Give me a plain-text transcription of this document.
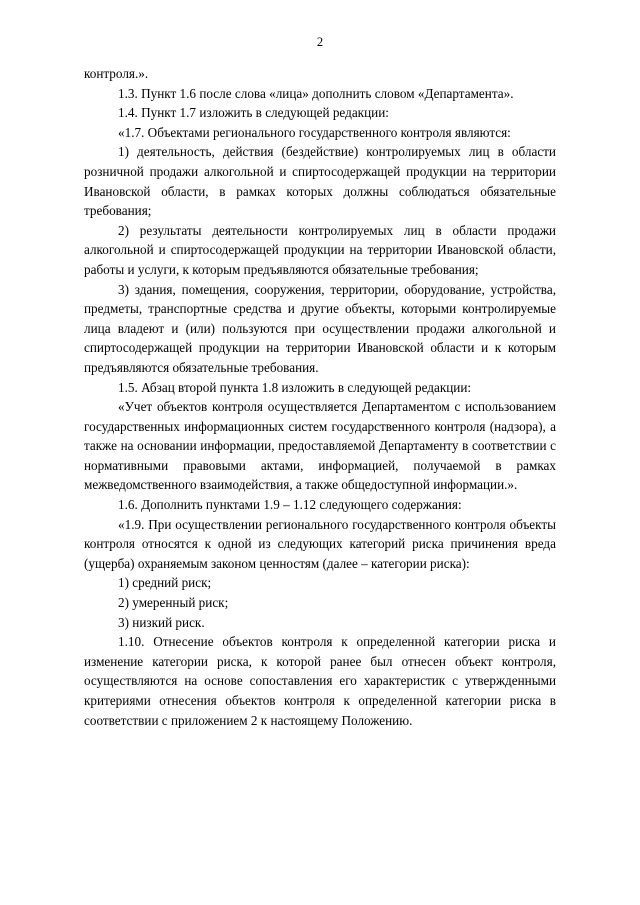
2

контроля.».

1.3. Пункт 1.6 после слова «лица» дополнить словом «Департамента».

1.4. Пункт 1.7 изложить в следующей редакции:

«1.7. Объектами регионального государственного контроля являются:

1) деятельность, действия (бездействие) контролируемых лиц в области розничной продажи алкогольной и спиртосодержащей продукции на территории Ивановской области, в рамках которых должны соблюдаться обязательные требования;

2) результаты деятельности контролируемых лиц в области продажи алкогольной и спиртосодержащей продукции на территории Ивановской области, работы и услуги, к которым предъявляются обязательные требования;

3) здания, помещения, сооружения, территории, оборудование, устройства, предметы, транспортные средства и другие объекты, которыми контролируемые лица владеют и (или) пользуются при осуществлении продажи алкогольной и спиртосодержащей продукции на территории Ивановской области и к которым предъявляются обязательные требования.

1.5. Абзац второй пункта 1.8 изложить в следующей редакции:

«Учет объектов контроля осуществляется Департаментом с использованием государственных информационных систем государственного контроля (надзора), а также на основании информации, предоставляемой Департаменту в соответствии с нормативными правовыми актами, информацией, получаемой в рамках межведомственного взаимодействия, а также общедоступной информации.».

1.6. Дополнить пунктами 1.9 – 1.12 следующего содержания:

«1.9. При осуществлении регионального государственного контроля объекты контроля относятся к одной из следующих категорий риска причинения вреда (ущерба) охраняемым законом ценностям (далее – категории риска):

1) средний риск;

2) умеренный риск;

3) низкий риск.

1.10. Отнесение объектов контроля к определенной категории риска и изменение категории риска, к которой ранее был отнесен объект контроля, осуществляются на основе сопоставления его характеристик с утвержденными критериями отнесения объектов контроля к определенной категории риска в соответствии с приложением 2 к настоящему Положению.
